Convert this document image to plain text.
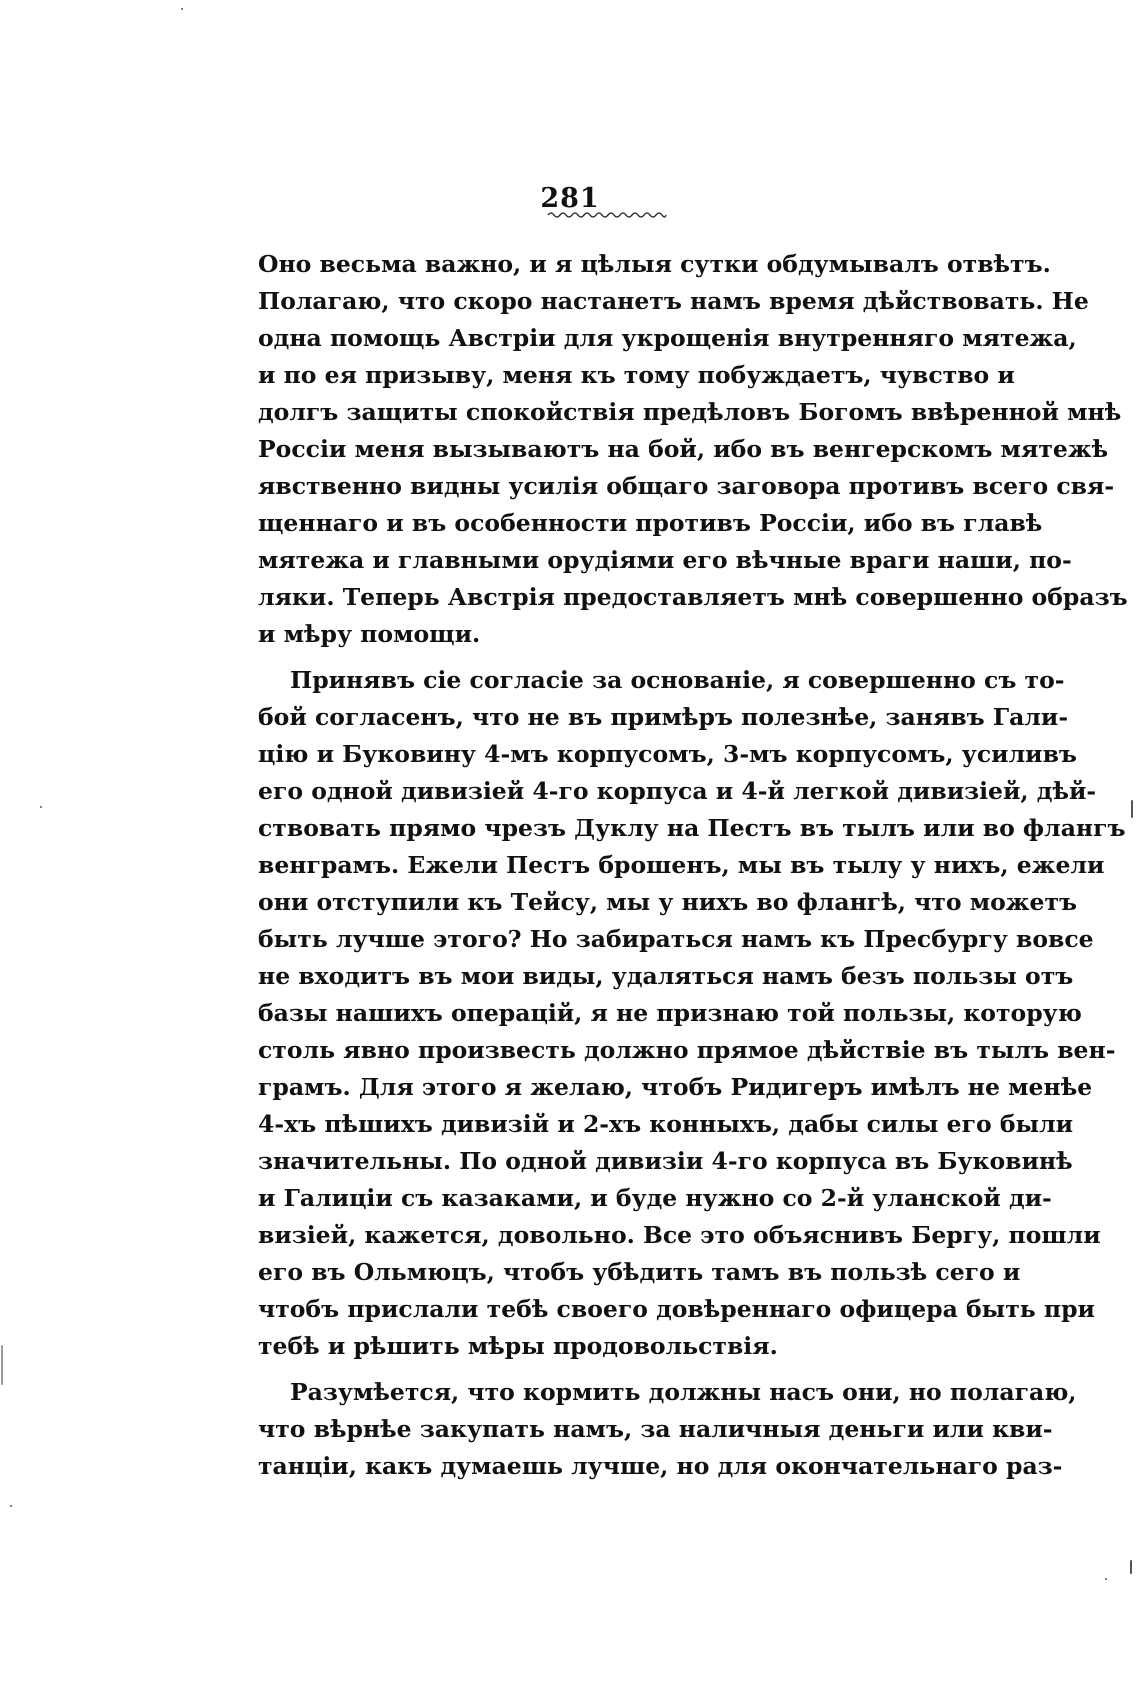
281
Оно весьма важно, и я цѣлыя сутки обдумывалъ отвѣтъ.
Полагаю, что скоро настанетъ намъ время дѣйствовать. Не
одна помощь Австріи для укрощенія внутренняго мятежа,
и по ея призыву, меня къ тому побуждаетъ, чувство и
долгъ защиты спокойствія предѣловъ Богомъ ввѣренной мнѣ
Россіи меня вызываютъ на бой, ибо въ венгерскомъ мятежѣ
явственно видны усилія общаго заговора противъ всего свя-
щеннаго и въ особенности противъ Россіи, ибо въ главѣ
мятежа и главными орудіями его вѣчные враги наши, по-
ляки. Теперь Австрія предоставляетъ мнѣ совершенно образъ
и мѣру помощи.
Принявъ сіе согласіе за основаніе, я совершенно съ то-
бой согласенъ, что не въ примѣръ полезнѣе, занявъ Гали-
цію и Буковину 4-мъ корпусомъ, 3-мъ корпусомъ, усиливъ
его одной дивизіей 4-го корпуса и 4-й легкой дивизіей, дѣй-
ствовать прямо чрезъ Дуклу на Пестъ въ тылъ или во флангъ
венграмъ. Ежели Пестъ брошенъ, мы въ тылу у нихъ, ежели
они отступили къ Тейсу, мы у нихъ во флангѣ, что можетъ
быть лучше этого? Но забираться намъ къ Пресбургу вовсе
не входитъ въ мои виды, удаляться намъ безъ пользы отъ
базы нашихъ операцій, я не признаю той пользы, которую
столь явно произвесть должно прямое дѣйствіе въ тылъ вен-
грамъ. Для этого я желаю, чтобъ Ридигеръ имѣлъ не менѣе
4-хъ пѣшихъ дивизій и 2-хъ конныхъ, дабы силы его были
значительны. По одной дивизіи 4-го корпуса въ Буковинѣ
и Галиціи съ казаками, и буде нужно со 2-й уланской ди-
визіей, кажется, довольно. Все это объяснивъ Бергу, пошли
его въ Ольмюцъ, чтобъ убѣдить тамъ въ пользѣ сего и
чтобъ прислали тебѣ своего довѣреннаго офицера быть при
тебѣ и рѣшить мѣры продовольствія.
Разумѣется, что кормить должны насъ они, но полагаю,
что вѣрнѣе закупать намъ, за наличныя деньги или кви-
танціи, какъ думаешь лучше, но для окончательнаго раз-
